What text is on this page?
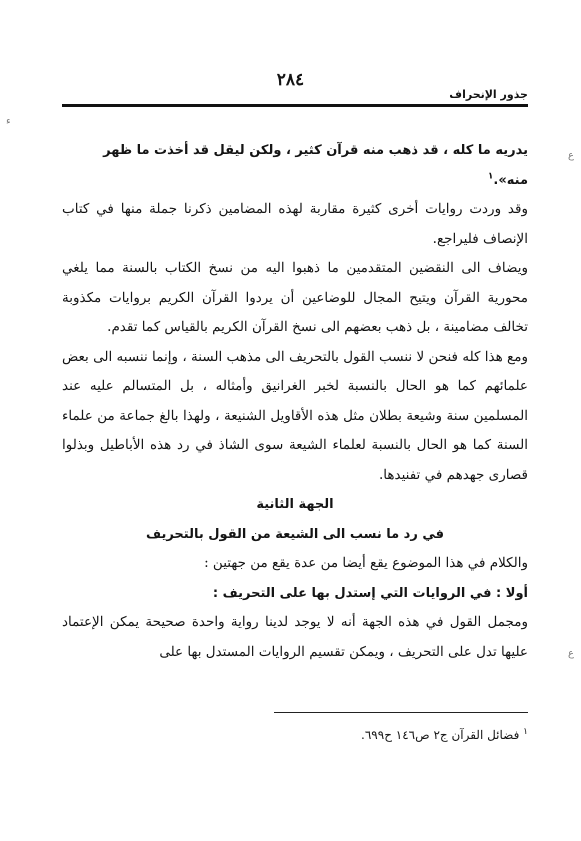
٢٨٤
جذور الإنحراف
ء
ع
ع

يدريه ما كله ، قد ذهب منه قرآن كثير ، ولكن ليقل قد أخذت ما ظهر

منه».$^١$

وقد وردت روايات أخرى كثيرة مقاربة لهذه المضامين ذكرنا جملة منها في كتاب الإنصاف فليراجع.

ويضاف الى النقضين المتقدمين ما ذهبوا اليه من نسخ الكتاب بالسنة مما يلغي محورية القرآن ويتيح المجال للوضاعين أن يردوا القرآن الكريم بروايات مكذوبة تخالف مضامينة ، بل ذهب بعضهم الى نسخ القرآن الكريم بالقياس كما تقدم.

ومع هذا كله فنحن لا ننسب القول بالتحريف الى مذهب السنة ، وإنما ننسبه الى بعض علمائهم كما هو الحال بالنسبة لخبر الغرانيق وأمثاله ، بل المتسالم عليه عند المسلمين سنة وشيعة بطلان مثل هذه الأقاويل الشنيعة ، ولهذا بالغ جماعة من علماء السنة كما هو الحال بالنسبة لعلماء الشيعة سوى الشاذ في رد هذه الأباطيل وبذلوا قصارى جهدهم في تفنيدها.

الجهة الثانية

في رد ما نسب الى الشيعة من القول بالتحريف

والكلام في هذا الموضوع يقع أيضا من عدة يقع من جهتين :

أولا : في الروايات التي إستدل بها على التحريف :

ومجمل القول في هذه الجهة أنه لا يوجد لدينا رواية واحدة صحيحة يمكن الإعتماد عليها تدل على التحريف ، ويمكن تقسيم الروايات المستدل بها على

$^١$ فضائل القرآن ج٢ ص١٤٦ ح٦٩٩.
